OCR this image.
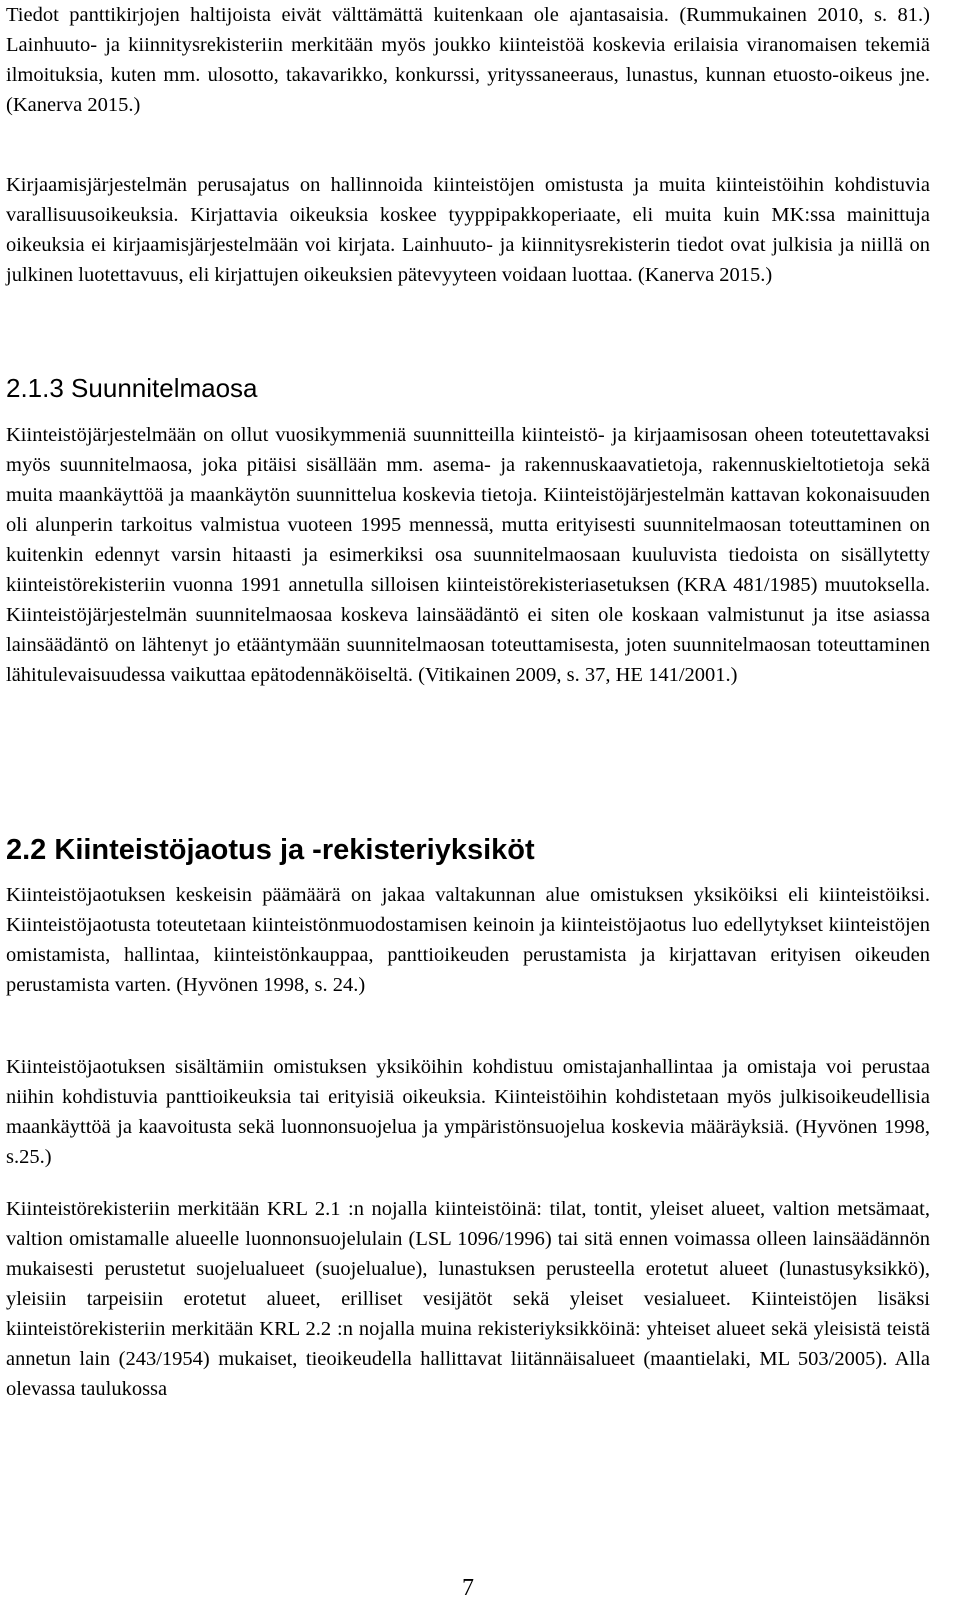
Tiedot panttikirjojen haltijoista eivät välttämättä kuitenkaan ole ajantasaisia. (Rummukainen 2010, s. 81.) Lainhuuto- ja kiinnitysrekisteriin merkitään myös joukko kiinteistöä koskevia erilaisia viranomaisen tekemiä ilmoituksia, kuten mm. ulosotto, takavarikko, konkurssi, yrityssaneeraus, lunastus, kunnan etuosto-oikeus jne. (Kanerva 2015.)

Kirjaamisjärjestelmän perusajatus on hallinnoida kiinteistöjen omistusta ja muita kiinteistöihin kohdistuvia varallisuusoikeuksia. Kirjattavia oikeuksia koskee tyyppipakkoperiaate, eli muita kuin MK:ssa mainittuja oikeuksia ei kirjaamisjärjestelmään voi kirjata. Lainhuuto- ja kiinnitysrekisterin tiedot ovat julkisia ja niillä on julkinen luotettavuus, eli kirjattujen oikeuksien pätevyyteen voidaan luottaa. (Kanerva 2015.)

2.1.3 Suunnitelmaosa

Kiinteistöjärjestelmään on ollut vuosikymmeniä suunnitteilla kiinteistö- ja kirjaamisosan oheen toteutettavaksi myös suunnitelmaosa, joka pitäisi sisällään mm. asema- ja rakennuskaavatietoja, rakennuskieltotietoja sekä muita maankäyttöä ja maankäytön suunnittelua koskevia tietoja. Kiinteistöjärjestelmän kattavan kokonaisuuden oli alunperin tarkoitus valmistua vuoteen 1995 mennessä, mutta erityisesti suunnitelmaosan toteuttaminen on kuitenkin edennyt varsin hitaasti ja esimerkiksi osa suunnitelmaosaan kuuluvista tiedoista on sisällytetty kiinteistörekisteriin vuonna 1991 annetulla silloisen kiinteistörekisteriasetuksen (KRA 481/1985) muutoksella. Kiinteistöjärjestelmän suunnitelmaosaa koskeva lainsäädäntö ei siten ole koskaan valmistunut ja itse asiassa lainsäädäntö on lähtenyt jo etääntymään suunnitelmaosan toteuttamisesta, joten suunnitelmaosan toteuttaminen lähitulevaisuudessa vaikuttaa epätodennäköiseltä. (Vitikainen 2009, s. 37, HE 141/2001.)

2.2 Kiinteistöjaotus ja -rekisteriyksiköt

Kiinteistöjaotuksen keskeisin päämäärä on jakaa valtakunnan alue omistuksen yksiköiksi eli kiinteistöiksi. Kiinteistöjaotusta toteutetaan kiinteistönmuodostamisen keinoin ja kiinteistöjaotus luo edellytykset kiinteistöjen omistamista, hallintaa, kiinteistönkauppaa, panttioikeuden perustamista ja kirjattavan erityisen oikeuden perustamista varten. (Hyvönen 1998, s. 24.)

Kiinteistöjaotuksen sisältämiin omistuksen yksiköihin kohdistuu omistajanhallintaa ja omistaja voi perustaa niihin kohdistuvia panttioikeuksia tai erityisiä oikeuksia. Kiinteistöihin kohdistetaan myös julkisoikeudellisia maankäyttöä ja kaavoitusta sekä luonnonsuojelua ja ympäristönsuojelua koskevia määräyksiä. (Hyvönen 1998, s.25.)

Kiinteistörekisteriin merkitään KRL 2.1 :n nojalla kiinteistöinä: tilat, tontit, yleiset alueet, valtion metsämaat, valtion omistamalle alueelle luonnonsuojelulain (LSL 1096/1996) tai sitä ennen voimassa olleen lainsäädännön mukaisesti perustetut suojelualueet (suojelualue), lunastuksen perusteella erotetut alueet (lunastusyksikkö), yleisiin tarpeisiin erotetut alueet, erilliset vesijätöt sekä yleiset vesialueet. Kiinteistöjen lisäksi kiinteistörekisteriin merkitään KRL 2.2 :n nojalla muina rekisteriyksikköinä: yhteiset alueet sekä yleisistä teistä annetun lain (243/1954) mukaiset, tieoikeudella hallittavat liitännäisalueet (maantielaki, ML 503/2005). Alla olevassa taulukossa

7
